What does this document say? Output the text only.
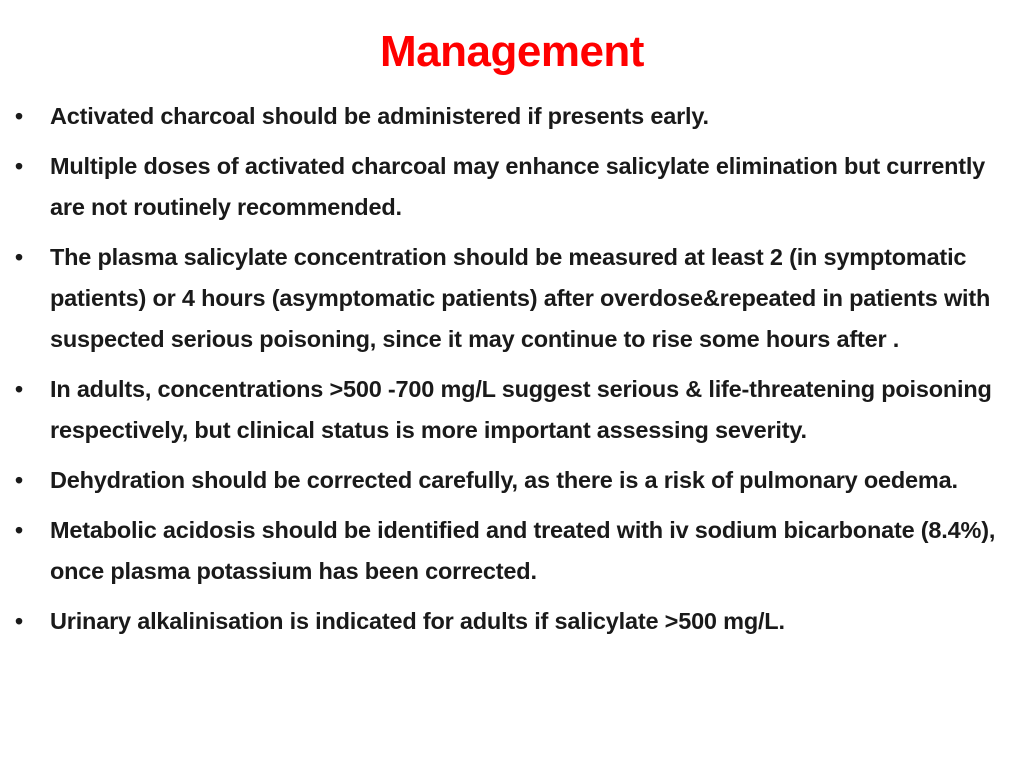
Management
•	Activated charcoal should be administered if presents early.
•	Multiple doses of activated charcoal may enhance salicylate elimination but currently are not routinely recommended.
•	The plasma salicylate concentration should be measured at least 2 (in symptomatic patients) or 4 hours (asymptomatic patients) after overdose&repeated in patients with suspected serious poisoning, since it may continue to rise some hours after .
•	In adults, concentrations >500 -700 mg/L suggest serious & life-threatening poisoning respectively, but clinical status is more important assessing severity.
•	Dehydration should be corrected carefully, as there is a risk of pulmonary oedema.
•	Metabolic acidosis should be identified and treated with iv sodium bicarbonate (8.4%), once plasma potassium has been corrected.
•	Urinary alkalinisation is indicated for adults if salicylate >500 mg/L.
